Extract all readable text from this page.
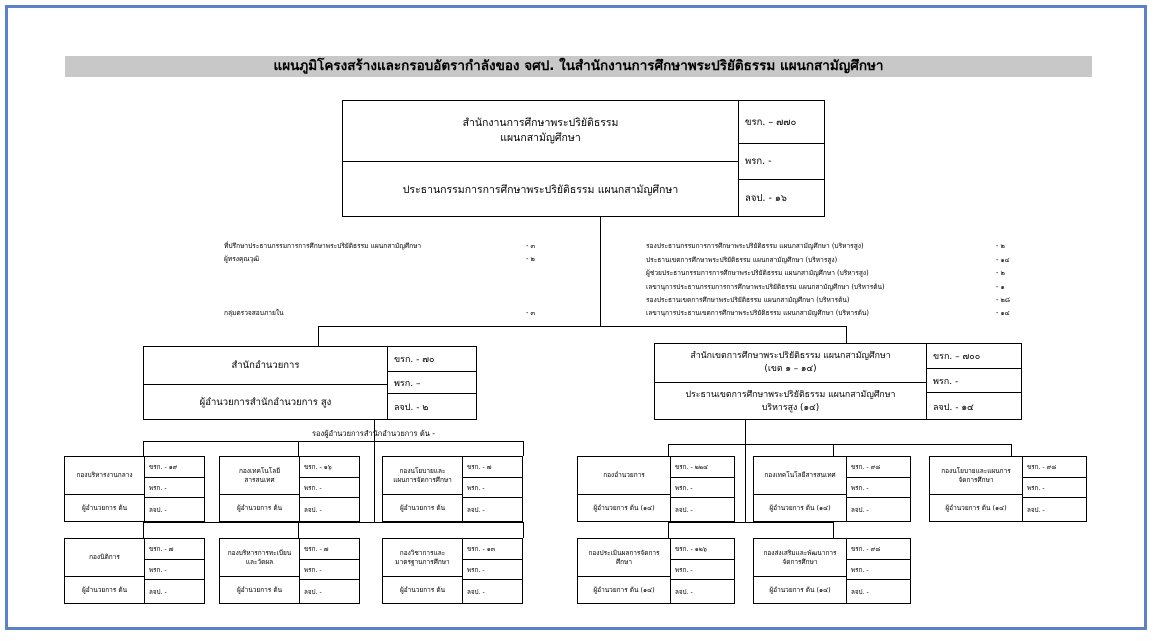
แผนภูมิโครงสร้างและกรอบอัตรากำลังของ จศป. ในสำนักงานการศึกษาพระปริยัติธรรม แผนกสามัญศึกษา
สำนักงานการศึกษาพระปริยัติธรรม
แผนกสามัญศึกษา
ประธานกรรมการการศึกษาพระปริยัติธรรม แผนกสามัญศึกษา
ขรก. – ๗๗๐
พรก. -
ลจป. - ๑๖
ที่ปรึกษาประธานกรรมการการศึกษาพระปริยัติธรรม แผนกสามัญศึกษา	- ๓
ผู้ทรงคุณวุฒิ	- ๒
กลุ่มตรวจสอบภายใน	- ๓
รองประธานกรรมการการศึกษาพระปริยัติธรรม แผนกสามัญศึกษา (บริหารสูง)	- ๒
ประธานเขตการศึกษาพระปริยัติธรรม แผนกสามัญศึกษา (บริหารสูง)	- ๑๔
ผู้ช่วยประธานกรรมการการศึกษาพระปริยัติธรรม แผนกสามัญศึกษา (บริหารสูง)	- ๒
เลขานุการประธานกรรมการการศึกษาพระปริยัติธรรม แผนกสามัญศึกษา (บริหารต้น)	- ๑
รองประธานเขตการศึกษาพระปริยัติธรรม แผนกสามัญศึกษา (บริหารต้น)	- ๒๘
เลขานุการประธานเขตการศึกษาพระปริยัติธรรม แผนกสามัญศึกษา (บริหารต้น)	- ๑๔
สำนักอำนวยการ
ผู้อำนวยการสำนักอำนวยการ สูง
ขรก. - ๗๐
พรก. –
ลจป. - ๒
สำนักเขตการศึกษาพระปริยัติธรรม แผนกสามัญศึกษา
(เขต ๑ – ๑๔)
ประธานเขตการศึกษาพระปริยัติธรรม แผนกสามัญศึกษา
บริหารสูง (๑๔)
ขรก. – ๗๐๐
พรก. -
ลจป. - ๑๔
รองผู้อำนวยการสำนักอำนวยการ ต้น -
กองบริหารงานกลาง
ผู้อำนวยการ ต้น
ขรก. - ๑๙
พรก. -
ลจป. -
กองเทคโนโลยีสารสนเทศ
ผู้อำนวยการ ต้น
ขรก. - ๑๖
พรก. -
ลจป. -
กองนโยบายและแผนการจัดการศึกษา
ผู้อำนวยการ ต้น
ขรก. - ๗
พรก. -
ลจป. -
กองนิติการ
ผู้อำนวยการ ต้น
ขรก. - ๗
พรก. -
ลจป. -
กองบริหารการทะเบียนและวัดผล
ผู้อำนวยการ ต้น
ขรก. - ๗
พรก. -
ลจป. -
กองวิชาการและมาตรฐานการศึกษา
ผู้อำนวยการ ต้น
ขรก. - ๑๓
พรก. -
ลจป. -
กองอำนวยการ
ผู้อำนวยการ ต้น (๑๔)
ขรก. - ๒๒๔
พรก. -
ลจป. -
กองเทคโนโลยีสารสนเทศ
ผู้อำนวยการ ต้น (๑๔)
ขรก. - ๙๘
พรก. -
ลจป. -
กองนโยบายและแผนการจัดการศึกษา
ผู้อำนวยการ ต้น (๑๔)
ขรก. - ๙๘
พรก. -
ลจป. -
กองประเมินผลการจัดการศึกษา
ผู้อำนวยการ ต้น (๑๔)
ขรก. - ๑๒๖
พรก. -
ลจป. -
กองส่งเสริมและพัฒนาการจัดการศึกษา
ผู้อำนวยการ ต้น (๑๔)
ขรก. - ๙๘
พรก. -
ลจป. -
